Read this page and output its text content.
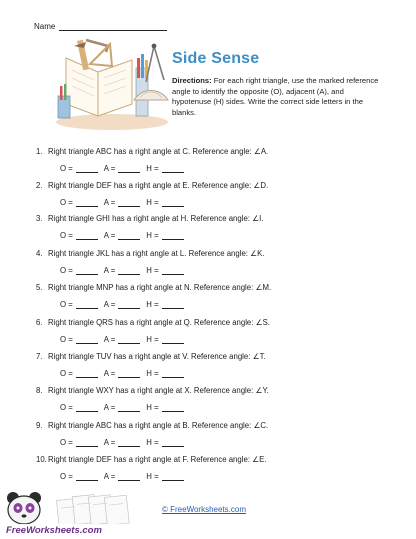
Name
Side Sense
Directions: For each right triangle, use the marked reference angle to identify the opposite (O), adjacent (A), and hypotenuse (H) sides. Write the correct side letters in the blanks.
1. Right triangle ABC has a right angle at C. Reference angle: ∠A.
O =	A =	H =
2. Right triangle DEF has a right angle at E. Reference angle: ∠D.
O =	A =	H =
3. Right triangle GHI has a right angle at H. Reference angle: ∠I.
O =	A =	H =
4. Right triangle JKL has a right angle at L. Reference angle: ∠K.
O =	A =	H =
5. Right triangle MNP has a right angle at N. Reference angle: ∠M.
O =	A =	H =
6. Right triangle QRS has a right angle at Q. Reference angle: ∠S.
O =	A =	H =
7. Right triangle TUV has a right angle at V. Reference angle: ∠T.
O =	A =	H =
8. Right triangle WXY has a right angle at X. Reference angle: ∠Y.
O =	A =	H =
9. Right triangle ABC has a right angle at B. Reference angle: ∠C.
O =	A =	H =
10. Right triangle DEF has a right angle at F. Reference angle: ∠E.
O =	A =	H =
FreeWorksheets.com
© FreeWorksheets.com
